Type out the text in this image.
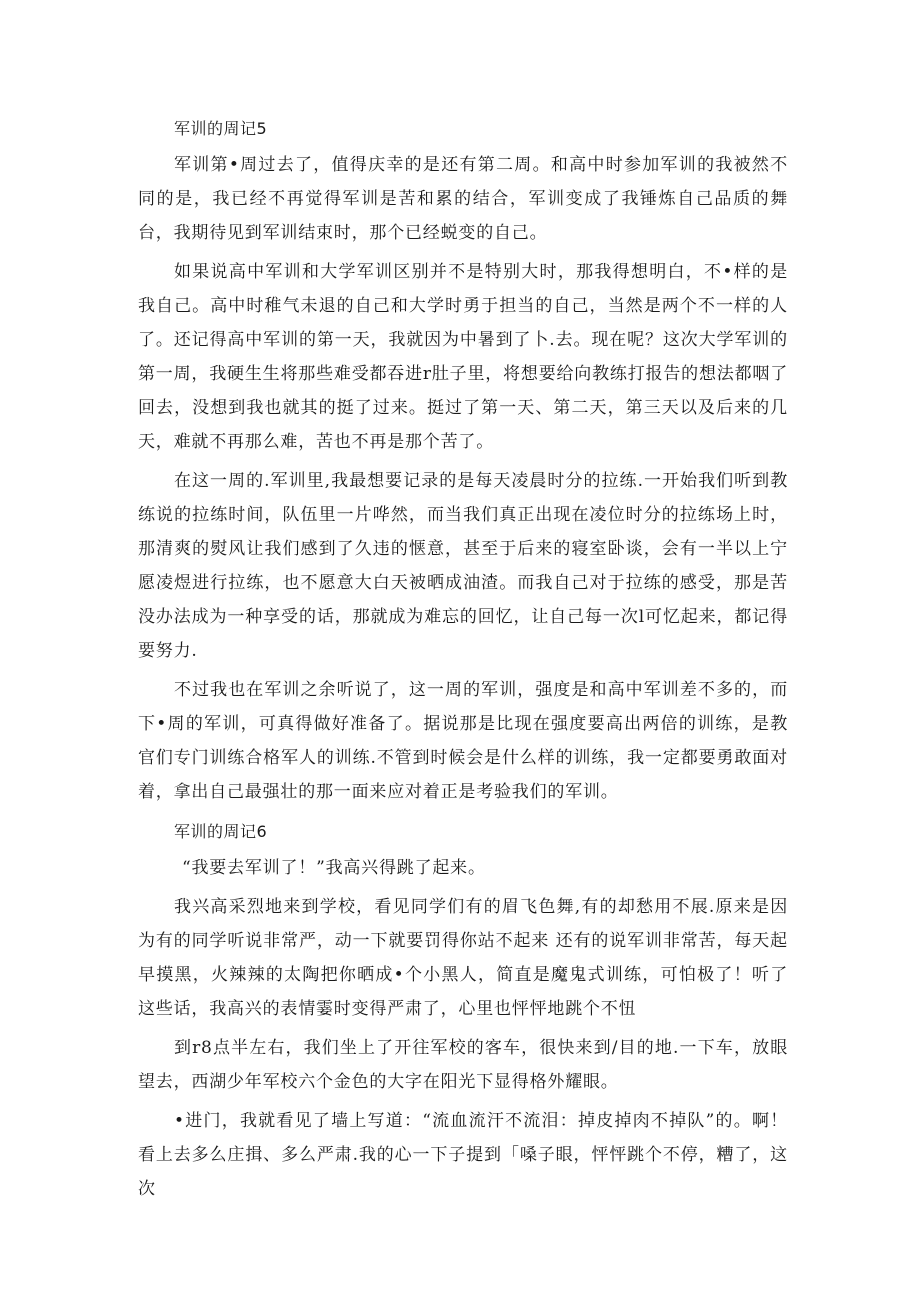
军训的周记5

军训第•周过去了，值得庆幸的是还有第二周。和高中时参加军训的我被然不同的是，我已经不再觉得军训是苦和累的结合，军训变成了我锤炼自己品质的舞台，我期待见到军训结束时，那个已经蜕变的自己。

如果说高中军训和大学军训区别并不是特别大时，那我得想明白，不•样的是我自己。高中时稚气未退的自己和大学时勇于担当的自己，当然是两个不一样的人了。还记得高中军训的第一天，我就因为中暑到了卜.去。现在呢？这次大学军训的第一周，我硬生生将那些难受都吞进r肚子里，将想要给向教练打报告的想法都咽了回去，没想到我也就其的挺了过来。挺过了第一天、第二天，第三天以及后来的几天，难就不再那么难，苦也不再是那个苦了。

在这一周的.军训里,我最想要记录的是每天凌晨时分的拉练.一开始我们听到教练说的拉练时间，队伍里一片哗然，而当我们真正出现在凌位时分的拉练场上时，那清爽的熨风让我们感到了久违的惬意，甚至于后来的寝室卧谈，会有一半以上宁愿凌煜进行拉练，也不愿意大白天被晒成油渣。而我自己对于拉练的感受，那是苦没办法成为一种享受的话，那就成为难忘的回忆，让自己每一次l可忆起来，都记得要努力.

不过我也在军训之余听说了，这一周的军训，强度是和高中军训差不多的，而下•周的军训，可真得做好准备了。据说那是比现在强度要高出两倍的训练，是教官们专门训练合格军人的训练.不管到时候会是什么样的训练，我一定都要勇敢面对着，拿出自己最强壮的那一面来应对着正是考验我们的军训。

军训的周记6

“我要去军训了！”我高兴得跳了起来。

我兴高采烈地来到学校，看见同学们有的眉飞色舞,有的却愁用不展.原来是因为有的同学听说非常严，动一下就要罚得你站不起来 还有的说军训非常苦，每天起早摸黑，火辣辣的太陶把你晒成•个小黑人，简直是魔鬼式训练，可怕极了！听了这些话，我高兴的表情霎时变得严肃了，心里也怦怦地跳个不忸

到r8点半左右，我们坐上了开往军校的客车，很快来到/目的地.一下车，放眼望去，西湖少年军校六个金色的大字在阳光下显得格外耀眼。

•进门，我就看见了墙上写道：“流血流汗不流泪：掉皮掉肉不掉队”的。啊！看上去多么庄揖、多么严肃.我的心一下子提到「嗓子眼，怦怦跳个不停，糟了，这次
